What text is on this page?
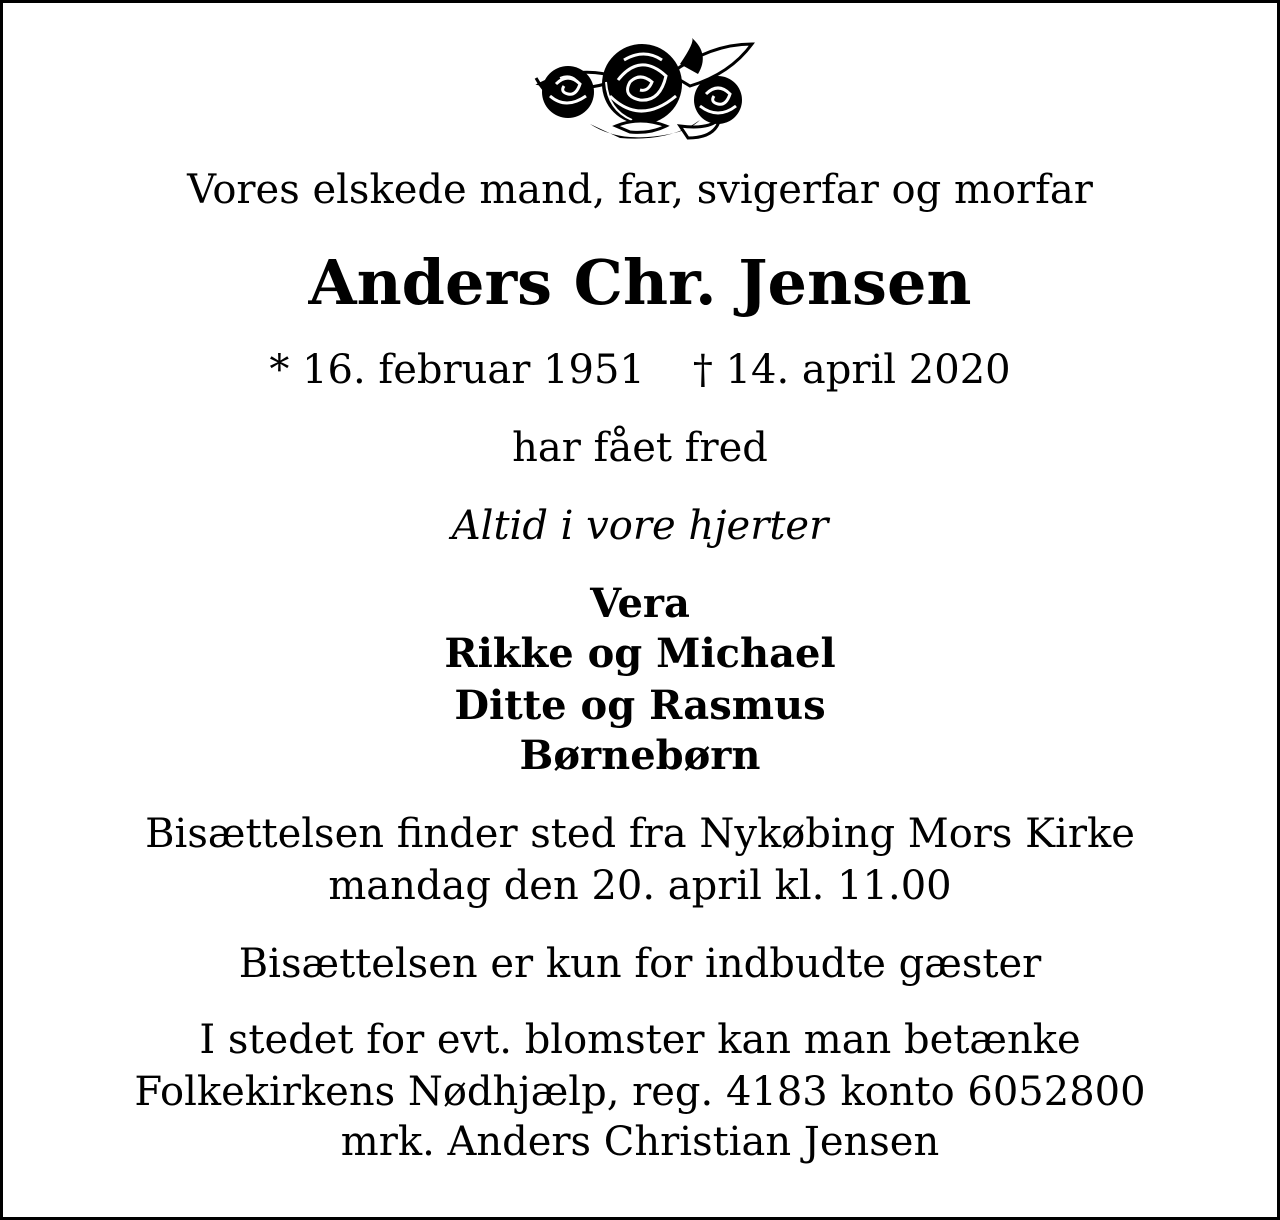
Vores elskede mand, far, svigerfar og morfar
Anders Chr. Jensen
* 16. februar 1951 † 14. april 2020
har fået fred
Altid i vore hjerter
Vera
Rikke og Michael
Ditte og Rasmus
Børnebørn
Bisættelsen finder sted fra Nykøbing Mors Kirke
mandag den 20. april kl. 11.00
Bisættelsen er kun for indbudte gæster
I stedet for evt. blomster kan man betænke
Folkekirkens Nødhjælp, reg. 4183 konto 6052800
mrk. Anders Christian Jensen
